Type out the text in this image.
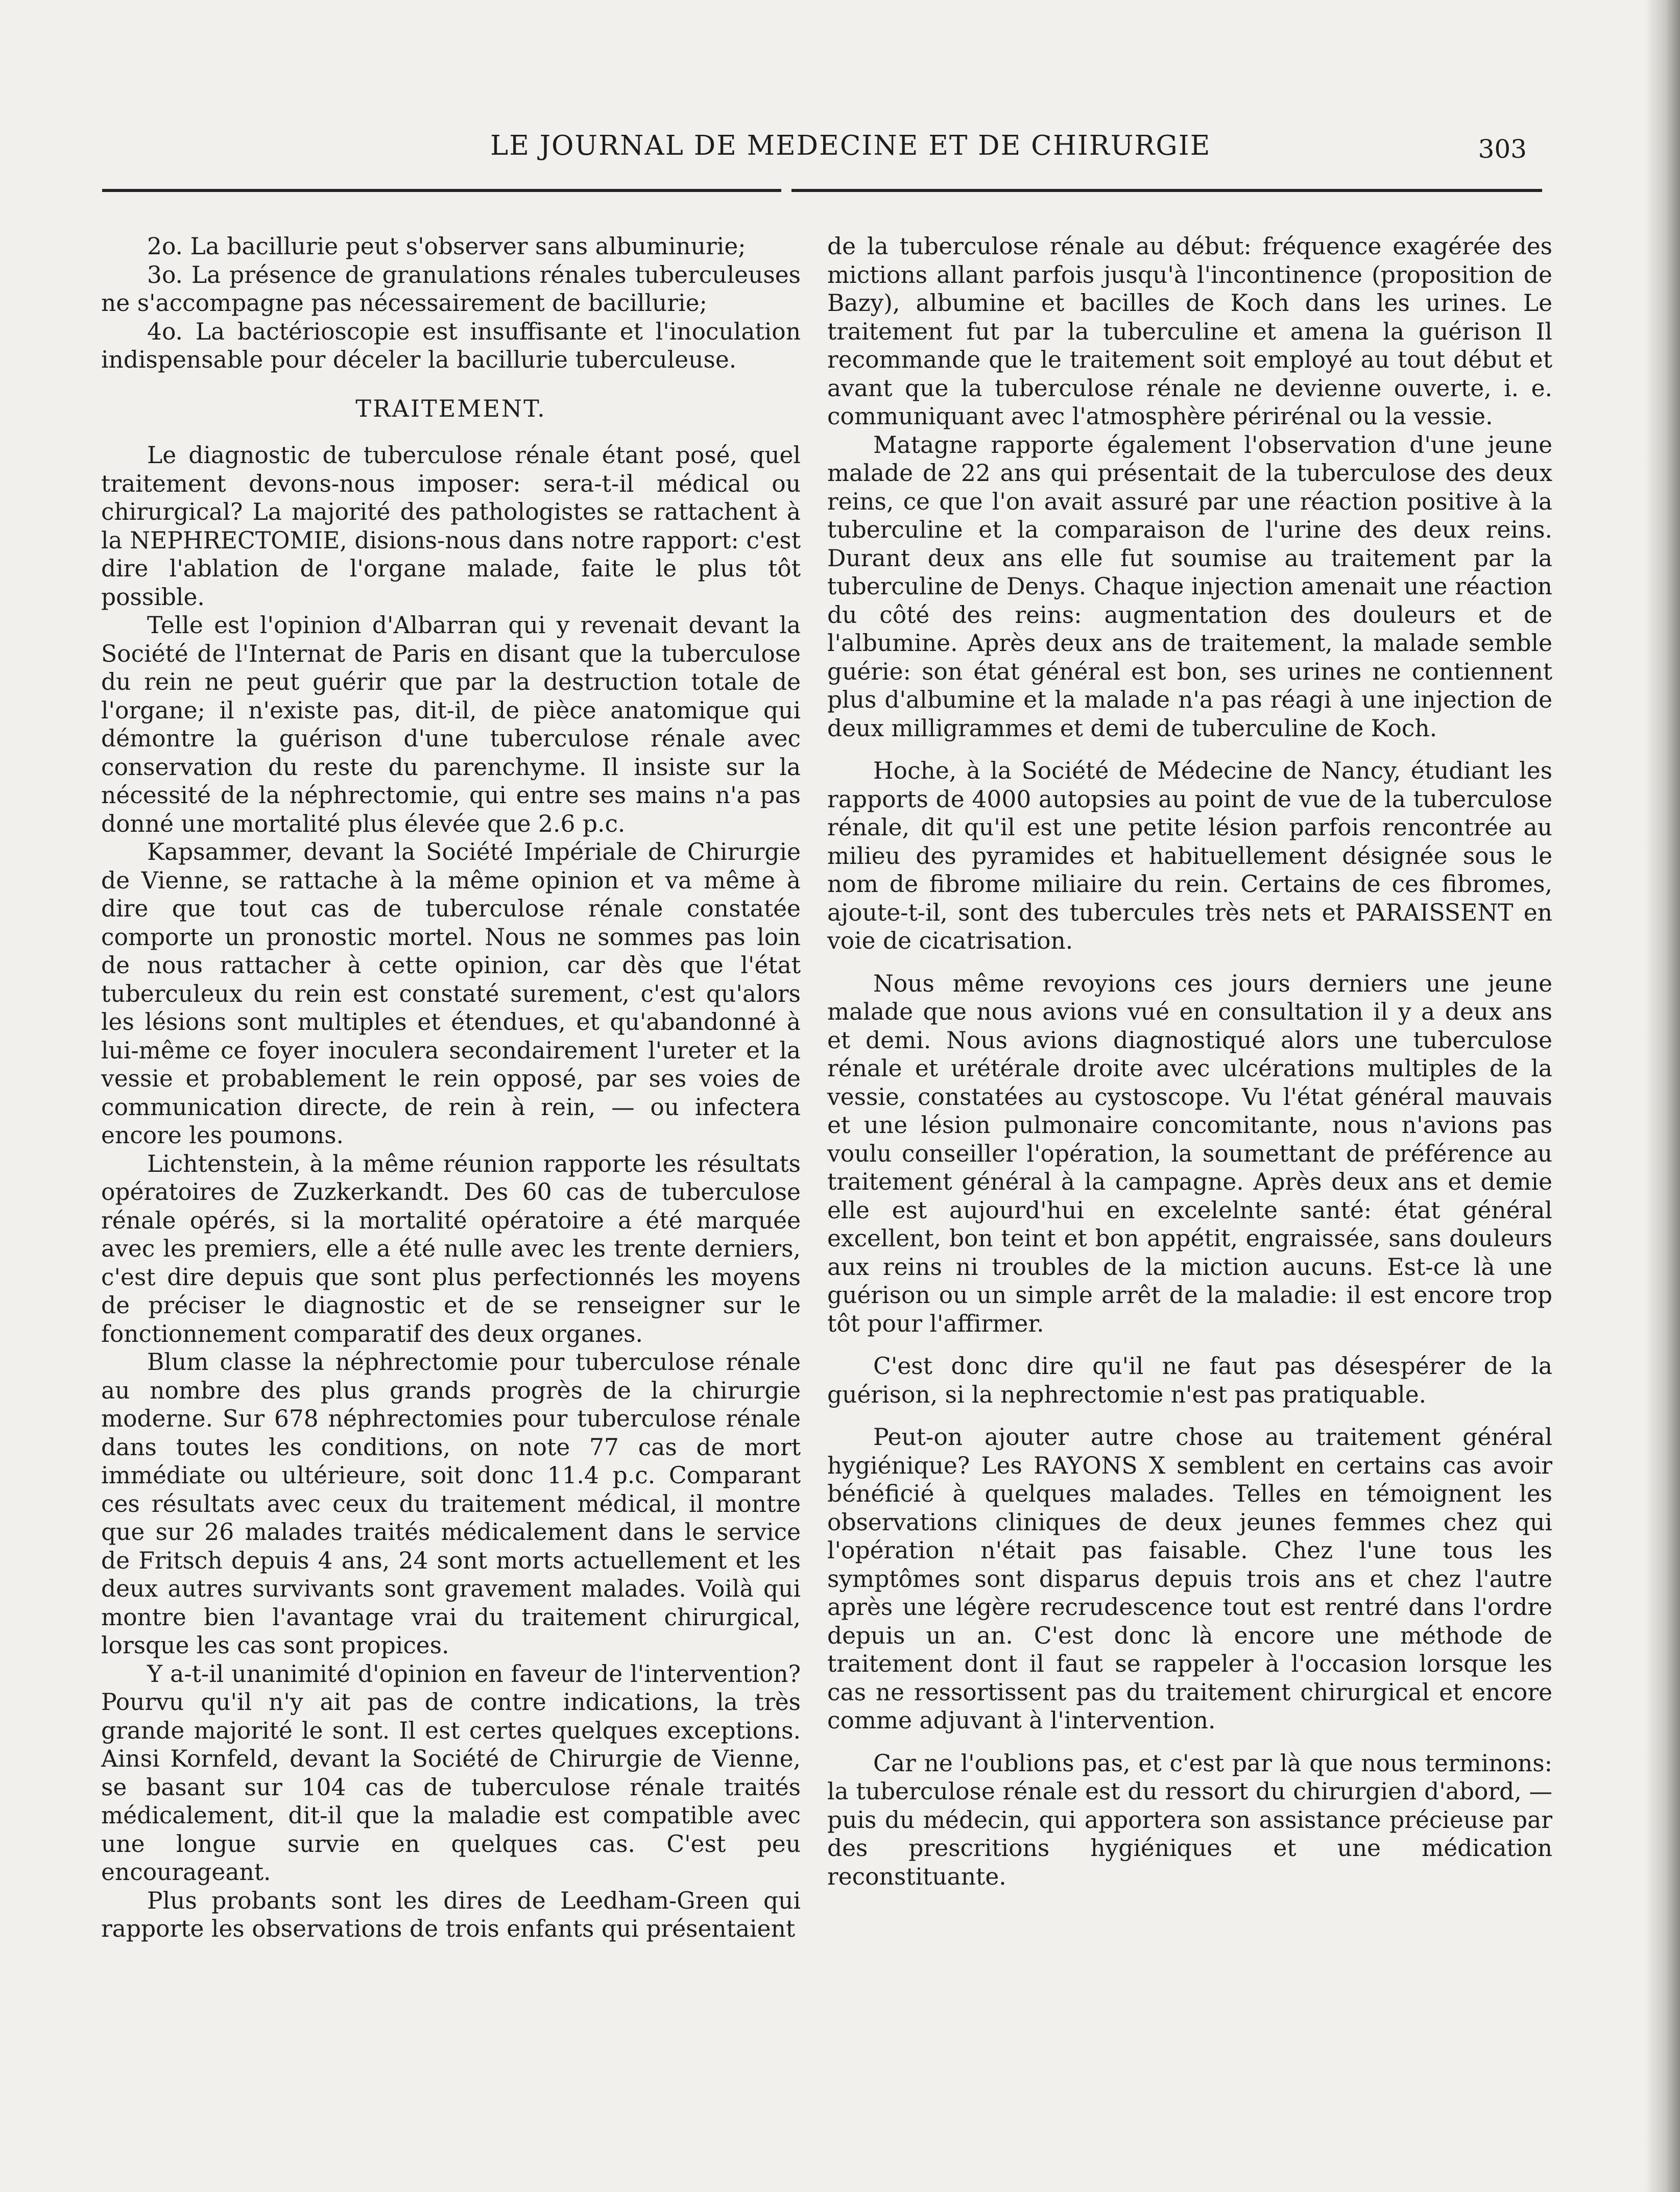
LE JOURNAL DE MEDECINE ET DE CHIRURGIE	303

2o. La bacillurie peut s'observer sans albuminurie;

3o. La présence de granulations rénales tuberculeuses ne s'accompagne pas nécessairement de bacillurie;

4o. La bactérioscopie est insuffisante et l'inoculation indispensable pour déceler la bacillurie tuberculeuse.

TRAITEMENT.

Le diagnostic de tuberculose rénale étant posé, quel traitement devons-nous imposer: sera-t-il médical ou chirurgical? La majorité des pathologistes se rattachent à la NEPHRECTOMIE, disions-nous dans notre rapport: c'est dire l'ablation de l'organe malade, faite le plus tôt possible.

Telle est l'opinion d'Albarran qui y revenait devant la Société de l'Internat de Paris en disant que la tuberculose du rein ne peut guérir que par la destruction totale de l'organe; il n'existe pas, dit-il, de pièce anatomique qui démontre la guérison d'une tuberculose rénale avec conservation du reste du parenchyme. Il insiste sur la nécessité de la néphrectomie, qui entre ses mains n'a pas donné une mortalité plus élevée que 2.6 p.c.

Kapsammer, devant la Société Impériale de Chirurgie de Vienne, se rattache à la même opinion et va même à dire que tout cas de tuberculose rénale constatée comporte un pronostic mortel. Nous ne sommes pas loin de nous rattacher à cette opinion, car dès que l'état tuberculeux du rein est constaté surement, c'est qu'alors les lésions sont multiples et étendues, et qu'abandonné à lui-même ce foyer inoculera secondairement l'ureter et la vessie et probablement le rein opposé, par ses voies de communication directe, de rein à rein, — ou infectera encore les poumons.

Lichtenstein, à la même réunion rapporte les résultats opératoires de Zuzkerkandt. Des 60 cas de tuberculose rénale opérés, si la mortalité opératoire a été marquée avec les premiers, elle a été nulle avec les trente derniers, c'est dire depuis que sont plus perfectionnés les moyens de préciser le diagnostic et de se renseigner sur le fonctionnement comparatif des deux organes.

Blum classe la néphrectomie pour tuberculose rénale au nombre des plus grands progrès de la chirurgie moderne. Sur 678 néphrectomies pour tuberculose rénale dans toutes les conditions, on note 77 cas de mort immédiate ou ultérieure, soit donc 11.4 p.c. Comparant ces résultats avec ceux du traitement médical, il montre que sur 26 malades traités médicalement dans le service de Fritsch depuis 4 ans, 24 sont morts actuellement et les deux autres survivants sont gravement malades. Voilà qui montre bien l'avantage vrai du traitement chirurgical, lorsque les cas sont propices.

Y a-t-il unanimité d'opinion en faveur de l'intervention? Pourvu qu'il n'y ait pas de contre indications, la très grande majorité le sont. Il est certes quelques exceptions. Ainsi Kornfeld, devant la Société de Chirurgie de Vienne, se basant sur 104 cas de tuberculose rénale traités médicalement, dit-il que la maladie est compatible avec une longue survie en quelques cas. C'est peu encourageant.

Plus probants sont les dires de Leedham-Green qui rapporte les observations de trois enfants qui présentaient

de la tuberculose rénale au début: fréquence exagérée des mictions allant parfois jusqu'à l'incontinence (proposition de Bazy), albumine et bacilles de Koch dans les urines. Le traitement fut par la tuberculine et amena la guérison Il recommande que le traitement soit employé au tout début et avant que la tuberculose rénale ne devienne ouverte, i. e. communiquant avec l'atmosphère périrénal ou la vessie.

Matagne rapporte également l'observation d'une jeune malade de 22 ans qui présentait de la tuberculose des deux reins, ce que l'on avait assuré par une réaction positive à la tuberculine et la comparaison de l'urine des deux reins. Durant deux ans elle fut soumise au traitement par la tuberculine de Denys. Chaque injection amenait une réaction du côté des reins: augmentation des douleurs et de l'albumine. Après deux ans de traitement, la malade semble guérie: son état général est bon, ses urines ne contiennent plus d'albumine et la malade n'a pas réagi à une injection de deux milligrammes et demi de tuberculine de Koch.

Hoche, à la Société de Médecine de Nancy, étudiant les rapports de 4000 autopsies au point de vue de la tuberculose rénale, dit qu'il est une petite lésion parfois rencontrée au milieu des pyramides et habituellement désignée sous le nom de fibrome miliaire du rein. Certains de ces fibromes, ajoute-t-il, sont des tubercules très nets et PARAISSENT en voie de cicatrisation.

Nous même revoyions ces jours derniers une jeune malade que nous avions vué en consultation il y a deux ans et demi. Nous avions diagnostiqué alors une tuberculose rénale et urétérale droite avec ulcérations multiples de la vessie, constatées au cystoscope. Vu l'état général mauvais et une lésion pulmonaire concomitante, nous n'avions pas voulu conseiller l'opération, la soumettant de préférence au traitement général à la campagne. Après deux ans et demie elle est aujourd'hui en excelelnte santé: état général excellent, bon teint et bon appétit, engraissée, sans douleurs aux reins ni troubles de la miction aucuns. Est-ce là une guérison ou un simple arrêt de la maladie: il est encore trop tôt pour l'affirmer.

C'est donc dire qu'il ne faut pas désespérer de la guérison, si la nephrectomie n'est pas pratiquable.

Peut-on ajouter autre chose au traitement général hygiénique? Les RAYONS X semblent en certains cas avoir bénéficié à quelques malades. Telles en témoignent les observations cliniques de deux jeunes femmes chez qui l'opération n'était pas faisable. Chez l'une tous les symptômes sont disparus depuis trois ans et chez l'autre après une légère recrudescence tout est rentré dans l'ordre depuis un an. C'est donc là encore une méthode de traitement dont il faut se rappeler à l'occasion lorsque les cas ne ressortissent pas du traitement chirurgical et encore comme adjuvant à l'intervention.

Car ne l'oublions pas, et c'est par là que nous terminons: la tuberculose rénale est du ressort du chirurgien d'abord, — puis du médecin, qui apportera son assistance précieuse par des prescritions hygiéniques et une médication reconstituante.
